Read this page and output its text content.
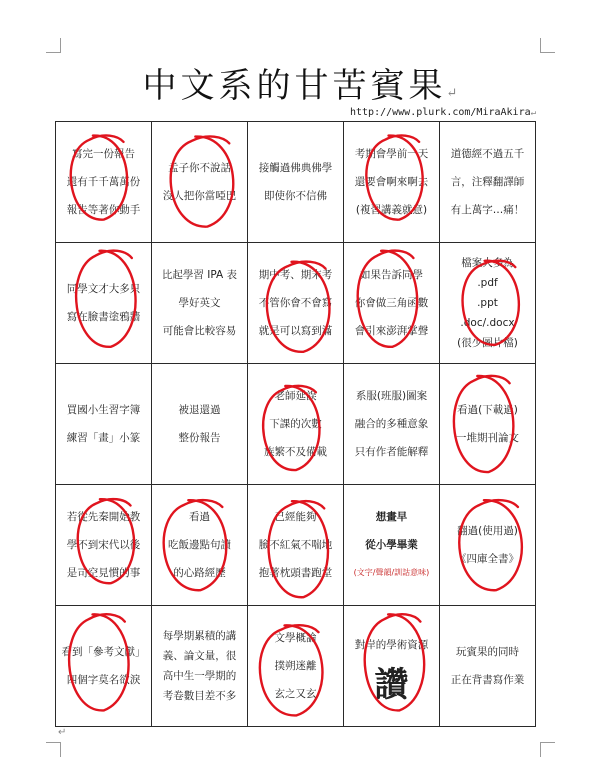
中文系的甘苦賓果↵
http://www.plurk.com/MiraAkira↵
寫完一份報告
還有千千萬萬份
報告等著你動手	孟子你不說話
沒人把你當啞巴	接觸過佛典佛學
即使你不信佛	考期會學前一天
還要會啊來啊去
(複習講義就意)	道德經不過五千
言，注釋翻譯師
有上萬字…痛！

同學文才大多只
寫在臉書塗鴉牆	比起學習 IPA 表
學好英文
可能會比較容易	期中考、期末考
不管你會不會寫
就是可以寫到滿	如果告訴同學
你會做三角函數
會引來澎湃掌聲	檔案大多為
.pdf
.ppt
.doc/.docx
(很少圖片檔)

買國小生習字簿
練習「畫」小篆	被退還過
整份報告	老師延誤
下課的次數
族繁不及備載	系服(班服)圖案
融合的多種意象
只有作者能解釋	看過(下載過)
一堆期刊論文

若從先秦開始教
學不到宋代以後
是司空見慣的事	看過
吃飯邊點句讀
的心路經歷	已經能夠
臉不紅氣不喘地
抱著枕頭書跑堂	想畫早
從小學畢業
(文字/聲韻/訓詁意味)	翻過(使用過)
《四庫全書》

看到「參考文獻」
四個字莫名欲淚	每學期累積的講
義、論文量，很
高中生一學期的
考卷數目差不多	文學概論
撲朔迷離
玄之又玄	對岸的學術資源
讚	玩賓果的同時
正在背書寫作業
↵
